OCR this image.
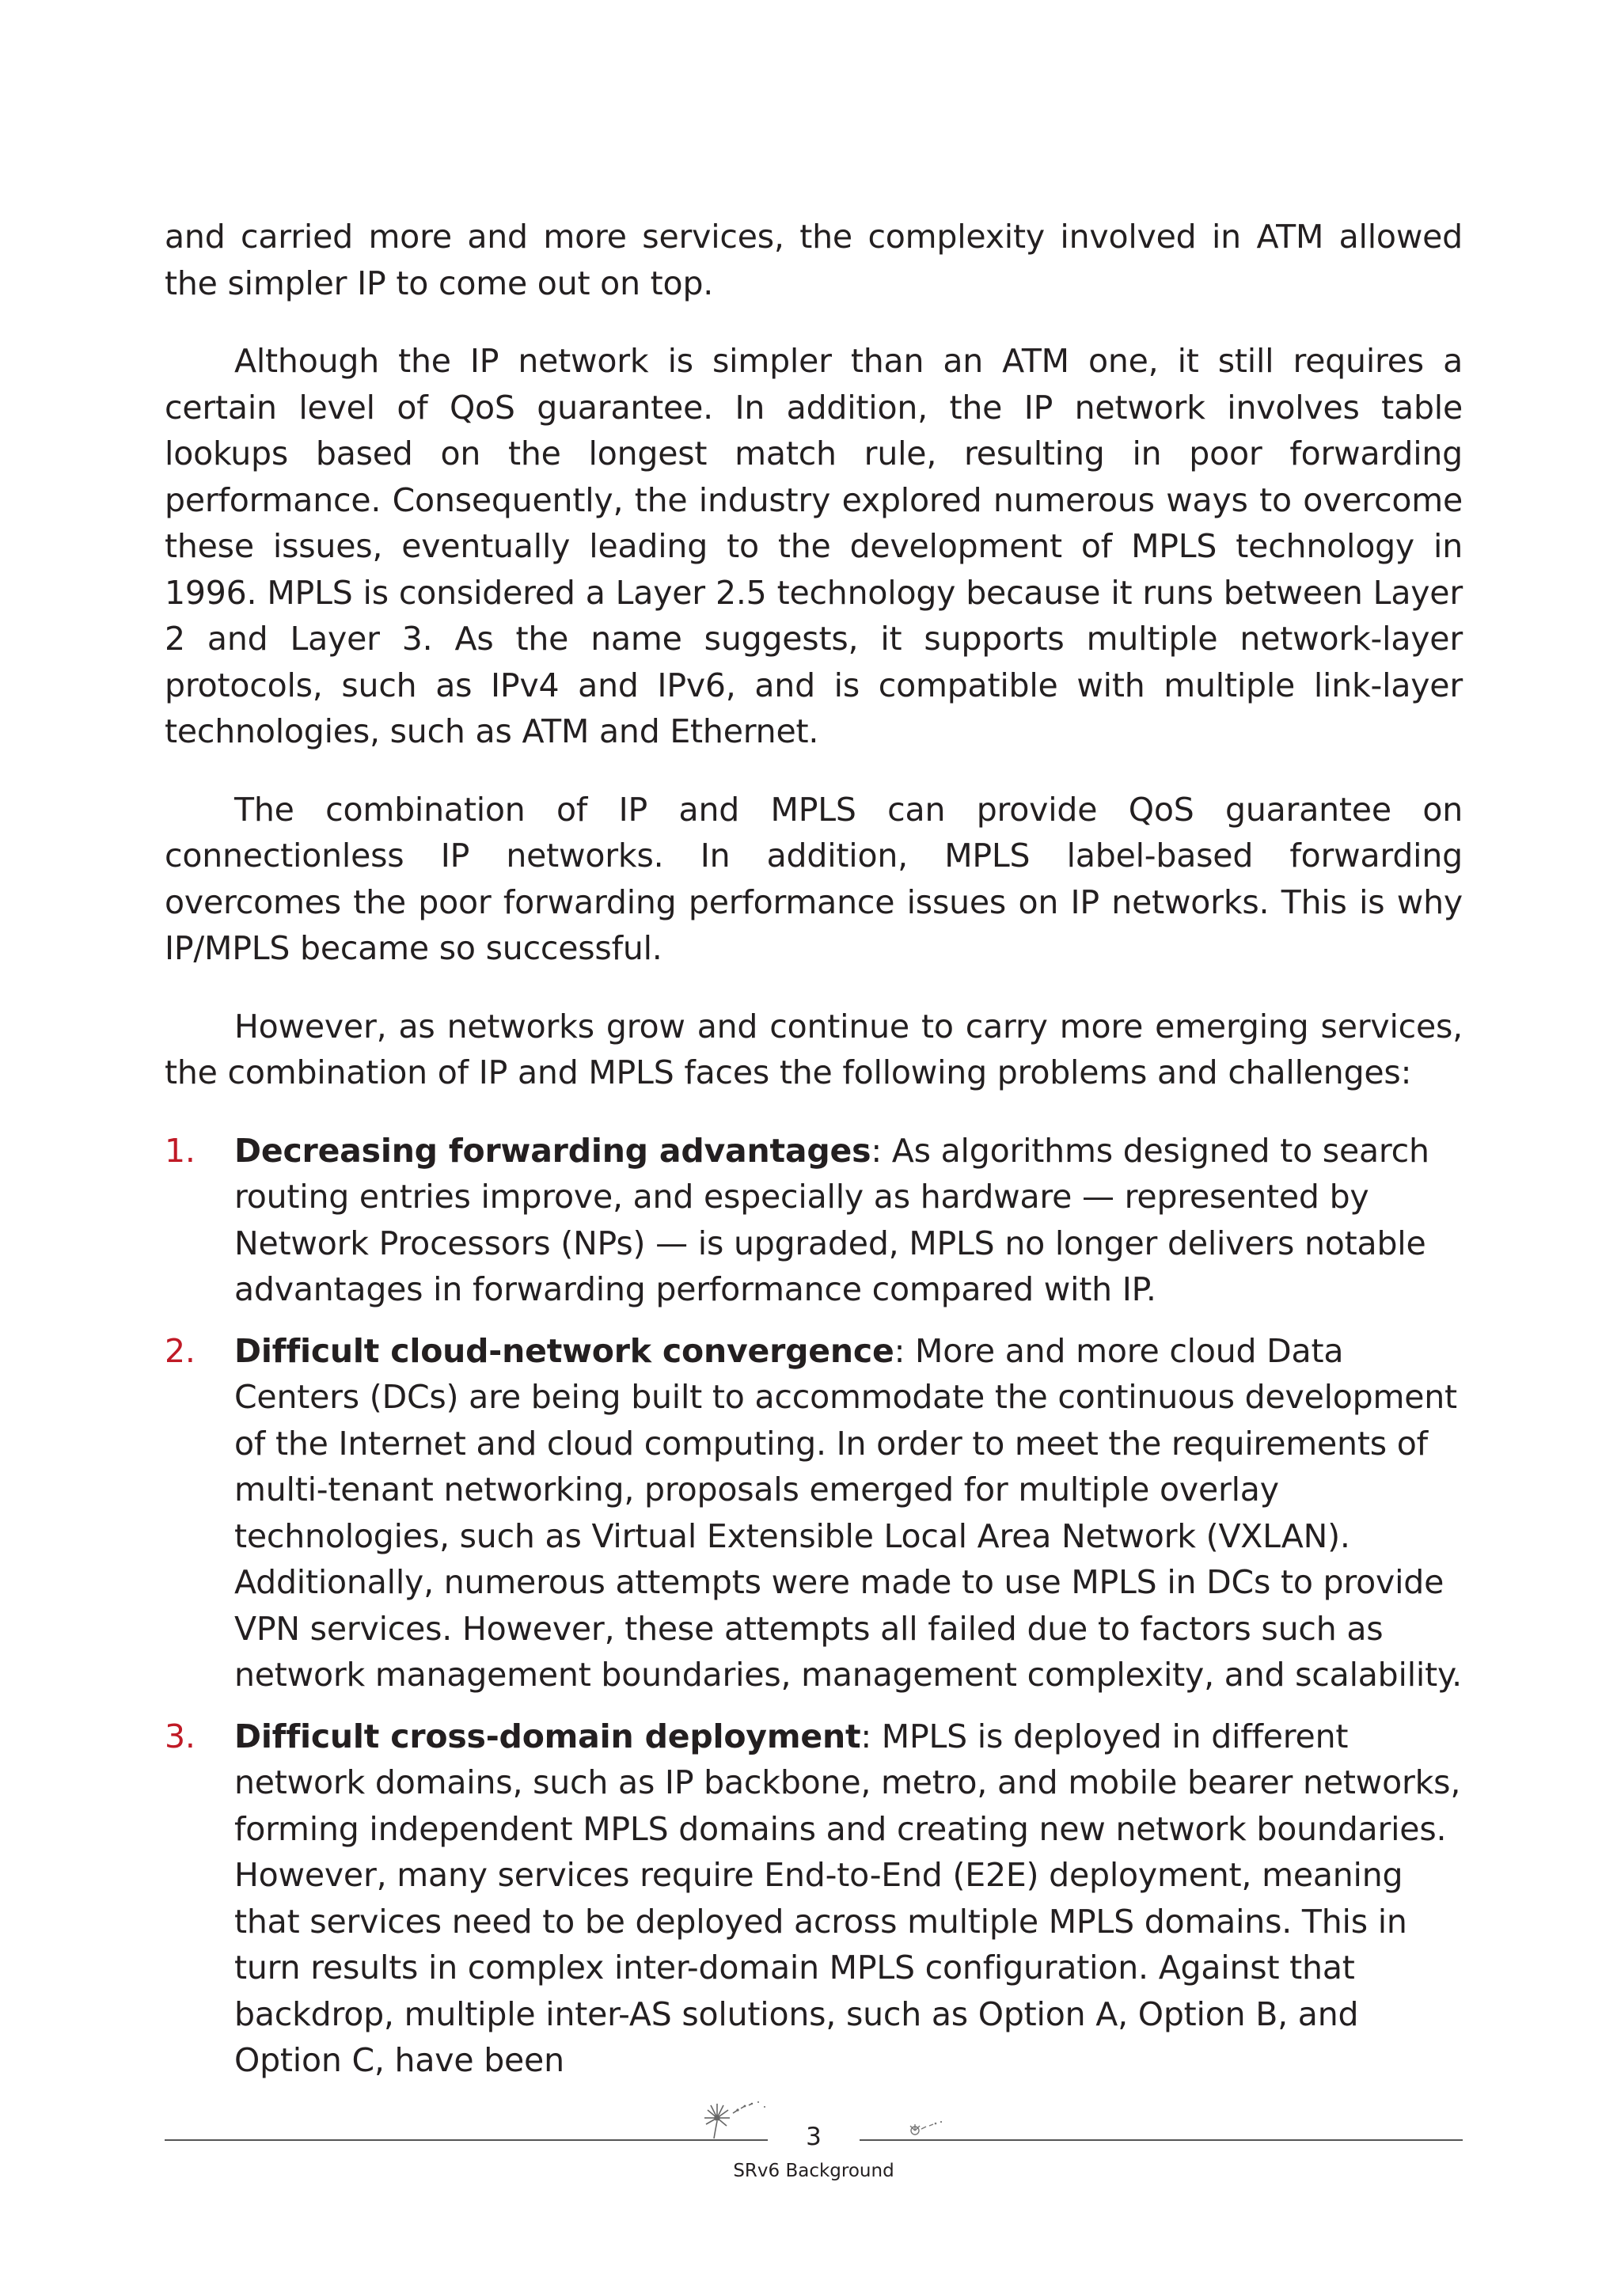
and carried more and more services, the complexity involved in ATM allowed the simpler IP to come out on top.

Although the IP network is simpler than an ATM one, it still requires a certain level of QoS guarantee. In addition, the IP network involves table lookups based on the longest match rule, resulting in poor forwarding performance. Consequently, the industry explored numerous ways to overcome these issues, eventually leading to the development of MPLS technology in 1996. MPLS is considered a Layer 2.5 technology because it runs between Layer 2 and Layer 3. As the name suggests, it supports multiple network-layer protocols, such as IPv4 and IPv6, and is compatible with multiple link-layer technologies, such as ATM and Ethernet.

The combination of IP and MPLS can provide QoS guarantee on connectionless IP networks. In addition, MPLS label-based forwarding overcomes the poor forwarding performance issues on IP networks. This is why IP/MPLS became so successful.

However, as networks grow and continue to carry more emerging services, the combination of IP and MPLS faces the following problems and challenges:

1. Decreasing forwarding advantages: As algorithms designed to search routing entries improve, and especially as hardware — represented by Network Processors (NPs) — is upgraded, MPLS no longer delivers notable advantages in forwarding performance compared with IP.
2. Difficult cloud-network convergence: More and more cloud Data Centers (DCs) are being built to accommodate the continuous development of the Internet and cloud computing. In order to meet the requirements of multi-tenant networking, proposals emerged for multiple overlay technologies, such as Virtual Extensible Local Area Network (VXLAN). Additionally, numerous attempts were made to use MPLS in DCs to provide VPN services. However, these attempts all failed due to factors such as network management boundaries, management complexity, and scalability.
3. Difficult cross-domain deployment: MPLS is deployed in different network domains, such as IP backbone, metro, and mobile bearer networks, forming independent MPLS domains and creating new network boundaries. However, many services require End-to-End (E2E) deployment, meaning that services need to be deployed across multiple MPLS domains. This in turn results in complex inter-domain MPLS configuration. Against that backdrop, multiple inter-AS solutions, such as Option A, Option B, and Option C, have been
3
SRv6 Background
